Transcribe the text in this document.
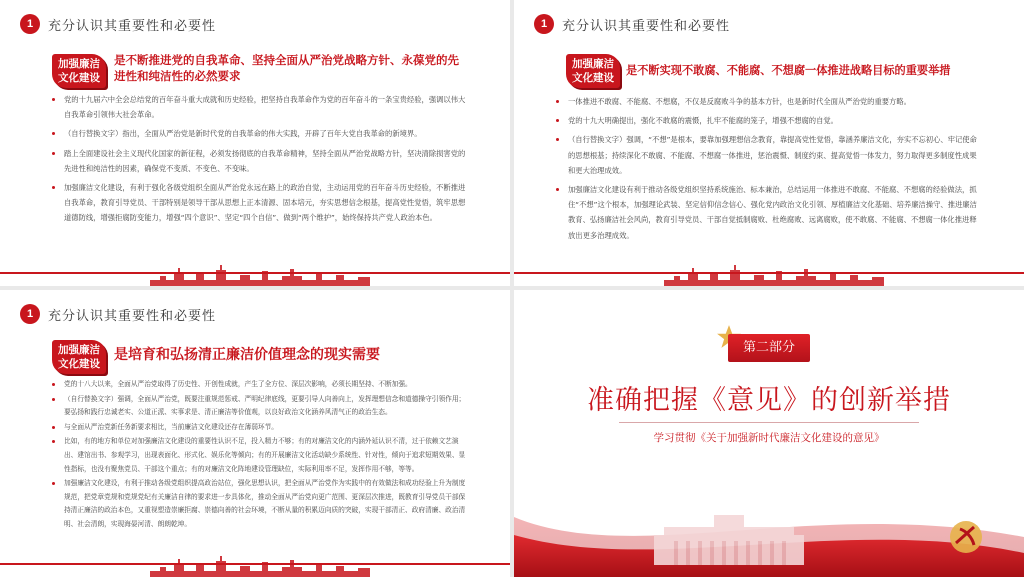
1	充分认识其重要性和必要性
加强廉洁
文化建设
是不断推进党的自我革命、坚持全面从严治党战略方针、永葆党的先
进性和纯洁性的必然要求
党的十九届六中全会总结党的百年奋斗重大成就和历史经验，把坚持自我革命作为党的百年奋斗的一条宝贵经验，强调以伟大自我革命引领伟大社会革命。
（自行替换文字）指出，全面从严治党是新时代党的自我革命的伟大实践，开辟了百年大党自我革命的新境界。
踏上全面建设社会主义现代化国家的新征程，必须发扬彻底的自我革命精神，坚持全面从严治党战略方针，坚决清除损害党的先进性和纯洁性的因素，确保党不变质、不变色、不变味。
加强廉洁文化建设，有利于强化各级党组织全面从严治党永远在路上的政治自觉，主动运用党的百年奋斗历史经验，不断推进自我革命，教育引导党员、干部特别是领导干部从思想上正本清源、固本培元，夯实思想信念根基，提高党性觉悟，筑牢思想道德防线，增强拒腐防变能力，增强“四个意识”、坚定“四个自信”、做到“两个维护”，始终保持共产党人政治本色。
1	充分认识其重要性和必要性
加强廉洁
文化建设
是不断实现不敢腐、不能腐、不想腐一体推进战略目标的重要举措
一体推进不敢腐、不能腐、不想腐，不仅是反腐败斗争的基本方针，也是新时代全面从严治党的重要方略。
党的十九大明确提出，强化不敢腐的震慑，扎牢不能腐的笼子，增强不想腐的自觉。
（自行替换文字）强调，“不想”是根本，要靠加强理想信念教育，靠提高党性觉悟，靠涵养廉洁文化，夯实不忘初心、牢记使命的思想根基；持续深化不敢腐、不能腐、不想腐一体推进，惩治震慑、制度约束、提高觉悟一体发力，努力取得更多制度性成果和更大治理成效。
加强廉洁文化建设有利于推动各级党组织坚持系统施治、标本兼治，总结运用一体推进不敢腐、不能腐、不想腐的经验做法，抓住“不想”这个根本，加强理论武装、坚定信仰信念信心、强化党内政治文化引领、厚植廉洁文化基础、培养廉洁操守、推进廉洁教育、弘扬廉洁社会风尚，教育引导党员、干部自觉抵制腐败、杜绝腐败、远离腐败，使不敢腐、不能腐、不想腐一体化推进释放出更多治理成效。
1	充分认识其重要性和必要性
加强廉洁
文化建设
是培育和弘扬清正廉洁价值理念的现实需要
党的十八大以来，全面从严治党取得了历史性、开创性成就，产生了全方位、深层次影响，必须长期坚持、不断加强。
（自行替换文字）强调，全面从严治党，既要注重规范惩戒、严明纪律底线，更要引导人向善向上，发挥理想信念和道德操守引领作用；要弘扬和践行忠诚老实、公道正派、实事求是、清正廉洁等价值观，以良好政治文化涵养风清气正的政治生态。
与全面从严治党新任务新要求相比，当前廉洁文化建设还存在薄弱环节。
比如，有的地方和单位对加强廉洁文化建设的重要性认识不足，投入精力不够；有的对廉洁文化的内涵外延认识不清，过于依赖文艺演出、建馆出书、参观学习，出现表面化、形式化、娱乐化等倾向；有的开展廉洁文化活动缺少系统性、针对性，倾向于追求短期效果、显性指标，也没有聚焦党员、干部这个重点；有的对廉洁文化阵地建设管理缺位，实际利用率不足，发挥作用不够，等等。
加强廉洁文化建设，有利于推动各级党组织提高政治站位，强化思想认识，把全面从严治党作为实践中的有效做法和成功经验上升为制度规范，把党章党规和党规党纪有关廉洁自律的要求进一步具体化，推动全面从严治党向更广范围、更深层次推进，既教育引导党员干部保持清正廉洁的政治本色，又重视塑造崇廉拒腐、崇德向善的社会环境，不断从量的积累迈向质的突破，实现干部清正、政府清廉、政治清明、社会清朗，实现海晏河清、朗朗乾坤。
第二部分
准确把握《意见》的创新举措
学习贯彻《关于加强新时代廉洁文化建设的意见》
